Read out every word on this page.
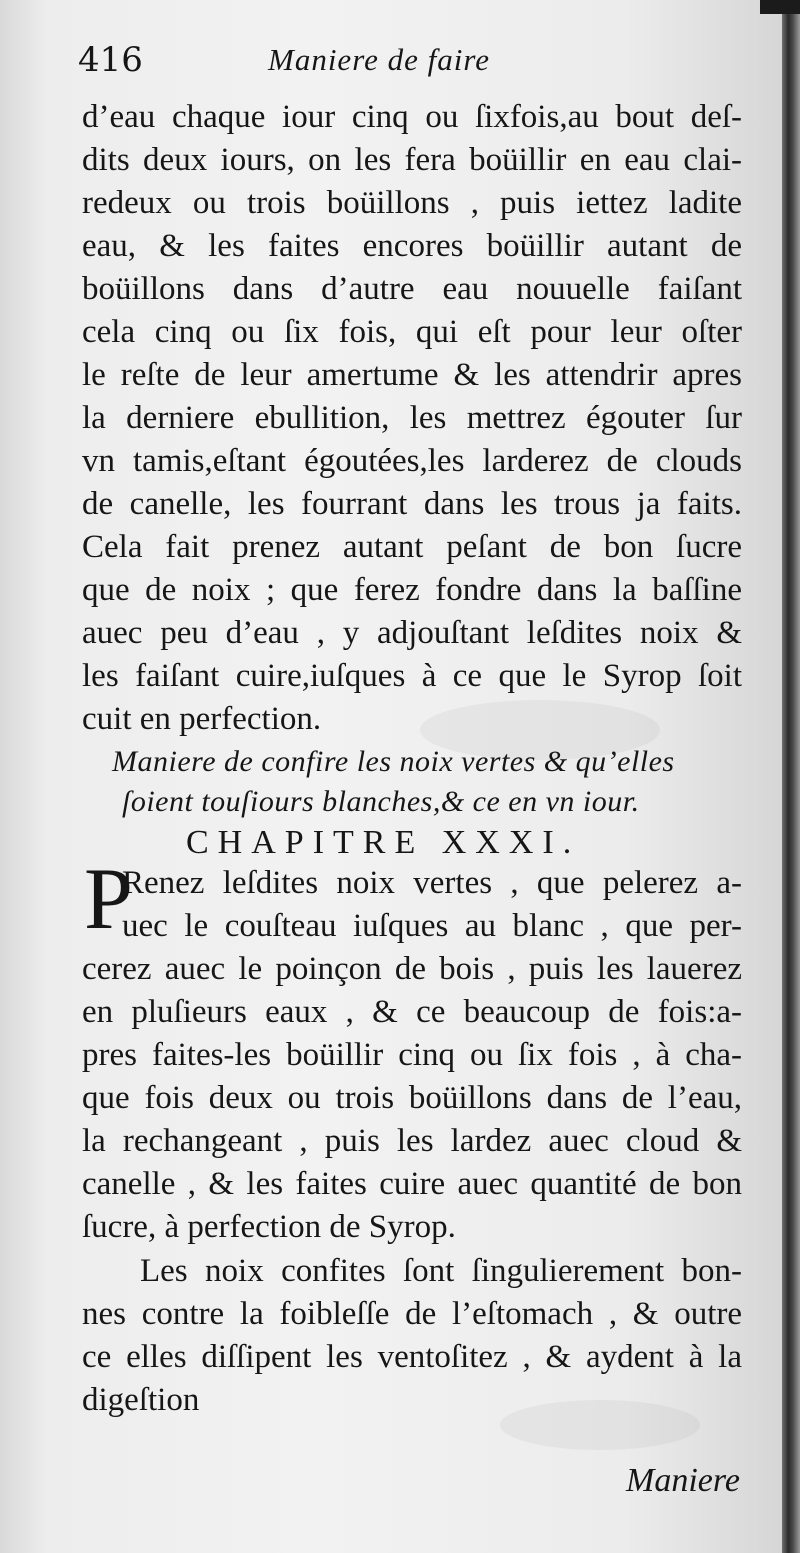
416	Maniere de faire
d’eau chaque iour cinq ou ſixfois,au bout deſ-
dits deux iours, on les fera boüillir en eau clai-
redeux ou trois boüillons , puis iettez ladite
eau, & les faites encores boüillir autant de
boüillons dans d’autre eau nouuelle faiſant
cela cinq ou ſix fois, qui eſt pour leur oſter
le reſte de leur amertume & les attendrir apres
la derniere ebullition, les mettrez égouter ſur
vn tamis,eſtant égoutées,les larderez de clouds
de canelle, les fourrant dans les trous ja faits.
Cela fait prenez autant peſant de bon ſucre
que de noix ; que ferez fondre dans la baſſine
auec peu d’eau , y adjouſtant leſdites noix &
les faiſant cuire,iuſques à ce que le Syrop ſoit
cuit en perfection.
Maniere de confire les noix vertes & qu’elles
ſoient touſiours blanches,& ce en vn iour.
CHAPITRE XXXI.
P
Renez leſdites noix vertes , que pelerez a-
uec le couſteau iuſques au blanc , que per-
cerez auec le poinçon de bois , puis les lauerez
en pluſieurs eaux , & ce beaucoup de fois:a-
pres faites-les boüillir cinq ou ſix fois , à cha-
que fois deux ou trois boüillons dans de l’eau,
la rechangeant , puis les lardez auec cloud &
canelle , & les faites cuire auec quantité de bon
ſucre, à perfection de Syrop.
Les noix confites ſont ſingulierement bon-
nes contre la foibleſſe de l’eſtomach , & outre
ce elles diſſipent les ventoſitez , & aydent à la
digeſtion
Maniere
